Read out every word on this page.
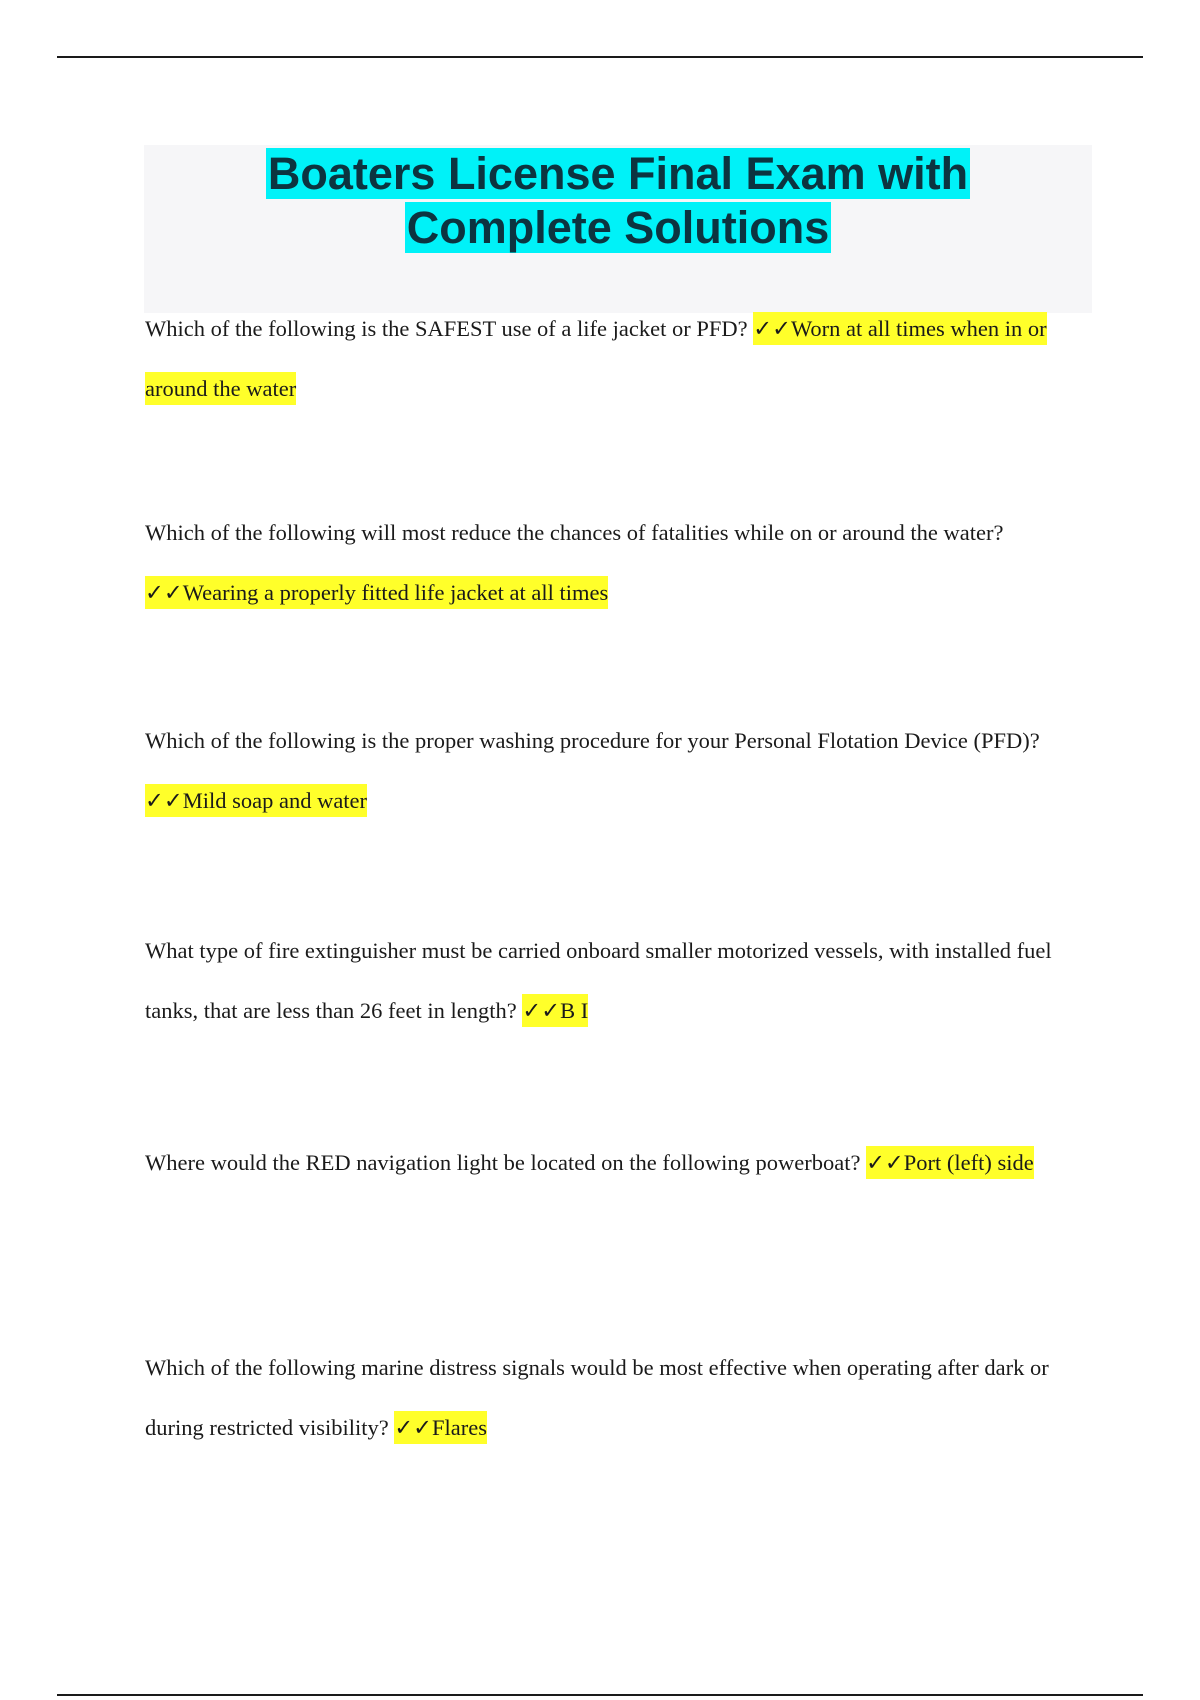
Boaters License Final Exam with
Complete Solutions

Which of the following is the SAFEST use of a life jacket or PFD? ✓✓Worn at all times when in or around the water

Which of the following will most reduce the chances of fatalities while on or around the water? ✓✓Wearing a properly fitted life jacket at all times

Which of the following is the proper washing procedure for your Personal Flotation Device (PFD)? ✓✓Mild soap and water

What type of fire extinguisher must be carried onboard smaller motorized vessels, with installed fuel tanks, that are less than 26 feet in length? ✓✓B I

Where would the RED navigation light be located on the following powerboat? ✓✓Port (left) side

Which of the following marine distress signals would be most effective when operating after dark or during restricted visibility? ✓✓Flares
